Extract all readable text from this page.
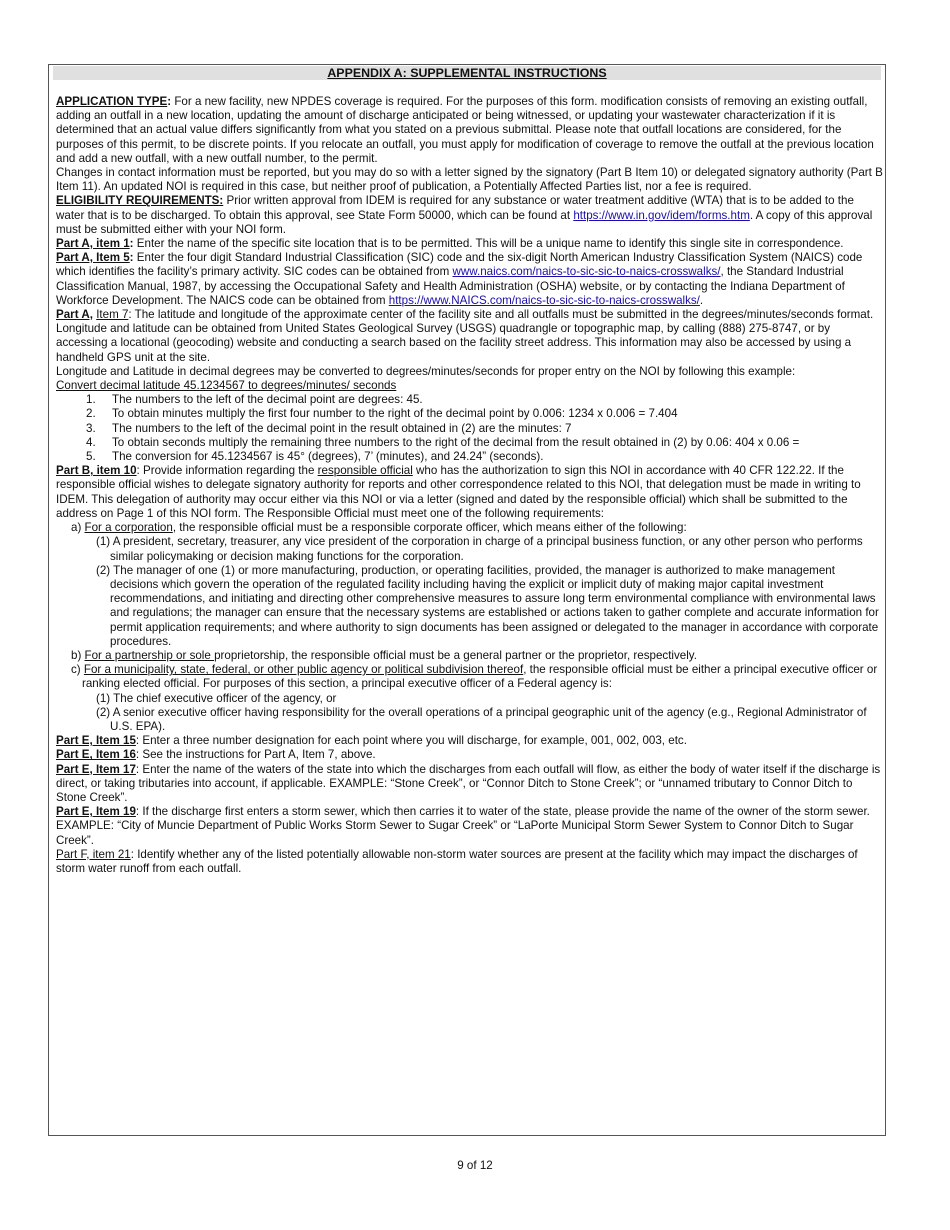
APPENDIX A: SUPPLEMENTAL INSTRUCTIONS

APPLICATION TYPE: For a new facility, new NPDES coverage is required. For the purposes of this form. modification consists of removing an existing outfall, adding an outfall in a new location, updating the amount of discharge anticipated or being witnessed, or updating your wastewater characterization if it is determined that an actual value differs significantly from what you stated on a previous submittal. Please note that outfall locations are considered, for the purposes of this permit, to be discrete points. If you relocate an outfall, you must apply for modification of coverage to remove the outfall at the previous location and add a new outfall, with a new outfall number, to the permit.

Changes in contact information must be reported, but you may do so with a letter signed by the signatory (Part B Item 10) or delegated signatory authority (Part B Item 11). An updated NOI is required in this case, but neither proof of publication, a Potentially Affected Parties list, nor a fee is required.

ELIGIBILITY REQUIREMENTS: Prior written approval from IDEM is required for any substance or water treatment additive (WTA) that is to be added to the water that is to be discharged. To obtain this approval, see State Form 50000, which can be found at https://www.in.gov/idem/forms.htm. A copy of this approval must be submitted either with your NOI form.

Part A, item 1: Enter the name of the specific site location that is to be permitted. This will be a unique name to identify this single site in correspondence.

Part A, Item 5: Enter the four digit Standard Industrial Classification (SIC) code and the six-digit North American Industry Classification System (NAICS) code which identifies the facility’s primary activity. SIC codes can be obtained from www.naics.com/naics-to-sic-sic-to-naics-crosswalks/, the Standard Industrial Classification Manual, 1987, by accessing the Occupational Safety and Health Administration (OSHA) website, or by contacting the Indiana Department of Workforce Development. The NAICS code can be obtained from https://www.NAICS.com/naics-to-sic-sic-to-naics-crosswalks/.

Part A, Item 7: The latitude and longitude of the approximate center of the facility site and all outfalls must be submitted in the degrees/minutes/seconds format. Longitude and latitude can be obtained from United States Geological Survey (USGS) quadrangle or topographic map, by calling (888) 275-8747, or by accessing a locational (geocoding) website and conducting a search based on the facility street address. This information may also be accessed by using a handheld GPS unit at the site.

Longitude and Latitude in decimal degrees may be converted to degrees/minutes/seconds for proper entry on the NOI by following this example:

Convert decimal latitude 45.1234567 to degrees/minutes/ seconds

1. The numbers to the left of the decimal point are degrees: 45.
2. To obtain minutes multiply the first four number to the right of the decimal point by 0.006: 1234 x 0.006 = 7.404
3. The numbers to the left of the decimal point in the result obtained in (2) are the minutes: 7
4. To obtain seconds multiply the remaining three numbers to the right of the decimal from the result obtained in (2) by 0.06: 404 x 0.06 =
5. The conversion for 45.1234567 is 45° (degrees), 7’ (minutes), and 24.24” (seconds).

Part B, item 10: Provide information regarding the responsible official who has the authorization to sign this NOI in accordance with 40 CFR 122.22. If the responsible official wishes to delegate signatory authority for reports and other correspondence related to this NOI, that delegation must be made in writing to IDEM. This delegation of authority may occur either via this NOI or via a letter (signed and dated by the responsible official) which shall be submitted to the address on Page 1 of this NOI form. The Responsible Official must meet one of the following requirements:

a) For a corporation, the responsible official must be a responsible corporate officer, which means either of the following:

(1) A president, secretary, treasurer, any vice president of the corporation in charge of a principal business function, or any other person who performs similar policymaking or decision making functions for the corporation.

(2) The manager of one (1) or more manufacturing, production, or operating facilities, provided, the manager is authorized to make management decisions which govern the operation of the regulated facility including having the explicit or implicit duty of making major capital investment recommendations, and initiating and directing other comprehensive measures to assure long term environmental compliance with environmental laws and regulations; the manager can ensure that the necessary systems are established or actions taken to gather complete and accurate information for permit application requirements; and where authority to sign documents has been assigned or delegated to the manager in accordance with corporate procedures.

b) For a partnership or sole proprietorship, the responsible official must be a general partner or the proprietor, respectively.

c) For a municipality, state, federal, or other public agency or political subdivision thereof, the responsible official must be either a principal executive officer or ranking elected official. For purposes of this section, a principal executive officer of a Federal agency is:

(1) The chief executive officer of the agency, or

(2) A senior executive officer having responsibility for the overall operations of a principal geographic unit of the agency (e.g., Regional Administrator of U.S. EPA).

Part E, Item 15: Enter a three number designation for each point where you will discharge, for example, 001, 002, 003, etc.

Part E, Item 16: See the instructions for Part A, Item 7, above.

Part E, Item 17: Enter the name of the waters of the state into which the discharges from each outfall will flow, as either the body of water itself if the discharge is direct, or taking tributaries into account, if applicable. EXAMPLE: “Stone Creek”, or “Connor Ditch to Stone Creek”; or “unnamed tributary to Connor Ditch to Stone Creek”.

Part E, Item 19: If the discharge first enters a storm sewer, which then carries it to water of the state, please provide the name of the owner of the storm sewer. EXAMPLE: “City of Muncie Department of Public Works Storm Sewer to Sugar Creek” or “LaPorte Municipal Storm Sewer System to Connor Ditch to Sugar Creek”.

Part F, item 21: Identify whether any of the listed potentially allowable non-storm water sources are present at the facility which may impact the discharges of storm water runoff from each outfall.

9 of 12
